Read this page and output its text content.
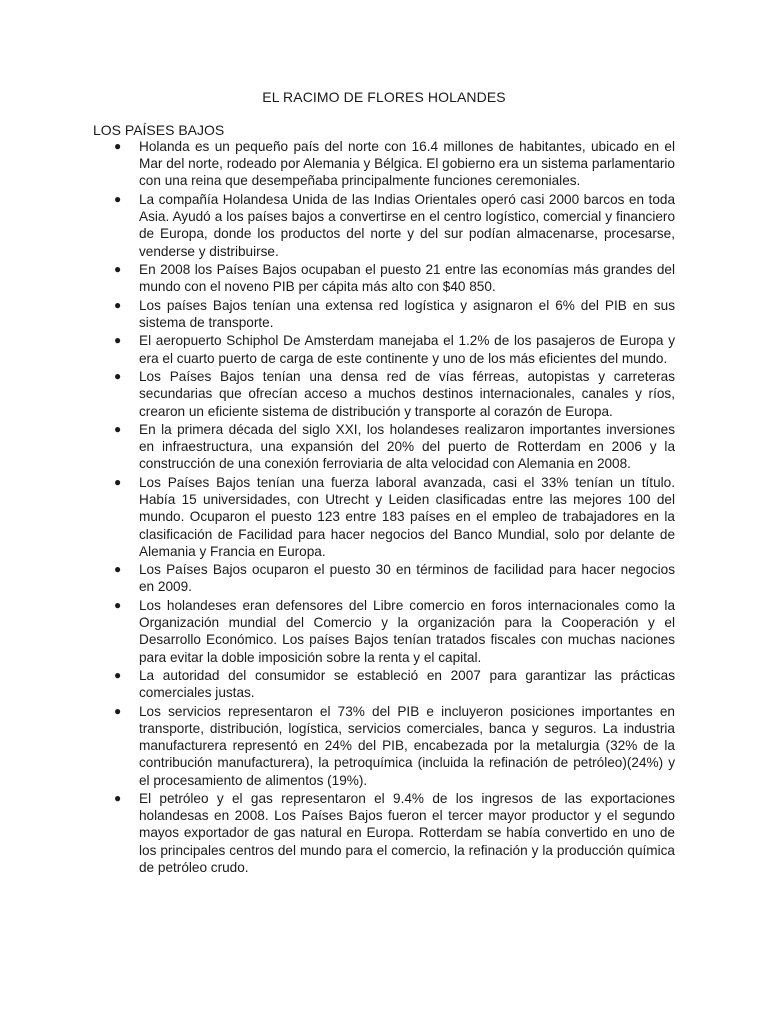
EL RACIMO DE FLORES HOLANDES
LOS PAÍSES BAJOS
● Holanda es un pequeño país del norte con 16.4 millones de habitantes, ubicado en el Mar del norte, rodeado por Alemania y Bélgica. El gobierno era un sistema parlamentario con una reina que desempeñaba principalmente funciones ceremoniales.
● La compañía Holandesa Unida de las Indias Orientales operó casi 2000 barcos en toda Asia. Ayudó a los países bajos a convertirse en el centro logístico, comercial y financiero de Europa, donde los productos del norte y del sur podían almacenarse, procesarse, venderse y distribuirse.
● En 2008 los Países Bajos ocupaban el puesto 21 entre las economías más grandes del mundo con el noveno PIB per cápita más alto con $40 850.
● Los países Bajos tenían una extensa red logística y asignaron el 6% del PIB en sus sistema de transporte.
● El aeropuerto Schiphol De Amsterdam manejaba el 1.2% de los pasajeros de Europa y era el cuarto puerto de carga de este continente y uno de los más eficientes del mundo.
● Los Países Bajos tenían una densa red de vías férreas, autopistas y carreteras secundarias que ofrecían acceso a muchos destinos internacionales, canales y ríos, crearon un eficiente sistema de distribución y transporte al corazón de Europa.
● En la primera década del siglo XXI, los holandeses realizaron importantes inversiones en infraestructura, una expansión del 20% del puerto de Rotterdam en 2006 y la construcción de una conexión ferroviaria de alta velocidad con Alemania en 2008.
● Los Países Bajos tenían una fuerza laboral avanzada, casi el 33% tenían un título. Había 15 universidades, con Utrecht y Leiden clasificadas entre las mejores 100 del mundo. Ocuparon el puesto 123 entre 183 países en el empleo de trabajadores en la clasificación de Facilidad para hacer negocios del Banco Mundial, solo por delante de Alemania y Francia en Europa.
● Los Países Bajos ocuparon el puesto 30 en términos de facilidad para hacer negocios en 2009.
● Los holandeses eran defensores del Libre comercio en foros internacionales como la Organización mundial del Comercio y la organización para la Cooperación y el Desarrollo Económico. Los países Bajos tenían tratados fiscales con muchas naciones para evitar la doble imposición sobre la renta y el capital.
● La autoridad del consumidor se estableció en 2007 para garantizar las prácticas comerciales justas.
● Los servicios representaron el 73% del PIB e incluyeron posiciones importantes en transporte, distribución, logística, servicios comerciales, banca y seguros. La industria manufacturera representó en 24% del PIB, encabezada por la metalurgia (32% de la contribución manufacturera), la petroquímica (incluida la refinación de petróleo)(24%) y el procesamiento de alimentos (19%).
● El petróleo y el gas representaron el 9.4% de los ingresos de las exportaciones holandesas en 2008. Los Países Bajos fueron el tercer mayor productor y el segundo mayos exportador de gas natural en Europa. Rotterdam se había convertido en uno de los principales centros del mundo para el comercio, la refinación y la producción química de petróleo crudo.
